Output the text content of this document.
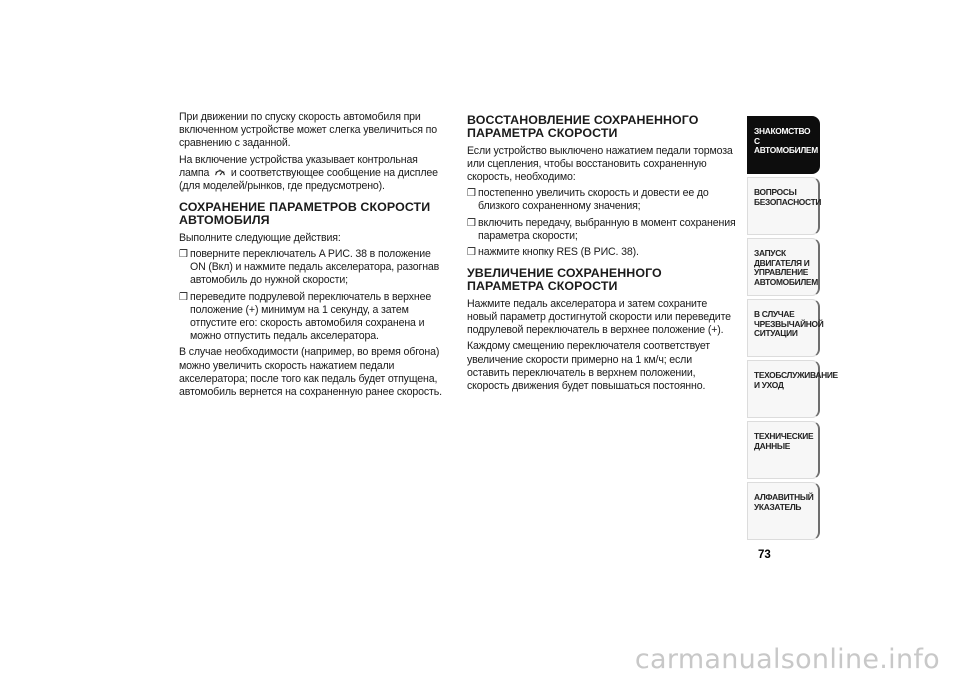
При движении по спуску скорость автомобиля при включенном устройстве может слегка увеличиться по сравнению с заданной.

На включение устройства указывает контрольная лампа и соответствующее сообщение на дисплее (для моделей/рынков, где предусмотрено).

СОХРАНЕНИЕ ПАРАМЕТРОВ СКОРОСТИ АВТОМОБИЛЯ

Выполните следующие действия:

❒ поверните переключатель A РИС. 38 в положение ON (Вкл) и нажмите педаль акселератора, разогнав автомобиль до нужной скорости;
❒ переведите подрулевой переключатель в верхнее положение (+) минимум на 1 секунду, а затем отпустите его: скорость автомобиля сохранена и можно отпустить педаль акселератора.

В случае необходимости (например, во время обгона) можно увеличить скорость нажатием педали акселератора; после того как педаль будет отпущена, автомобиль вернется на сохраненную ранее скорость.

ВОССТАНОВЛЕНИЕ СОХРАНЕННОГО ПАРАМЕТРА СКОРОСТИ

Если устройство выключено нажатием педали тормоза или сцепления, чтобы восстановить сохраненную скорость, необходимо:

❒ постепенно увеличить скорость и довести ее до близкого сохраненному значения;
❒ включить передачу, выбранную в момент сохранения параметра скорости;
❒ нажмите кнопку RES (В РИС. 38).
УВЕЛИЧЕНИЕ СОХРАНЕННОГО ПАРАМЕТРА СКОРОСТИ

Нажмите педаль акселератора и затем сохраните новый параметр достигнутой скорости или переведите подрулевой переключатель в верхнее положение (+).

Каждому смещению переключателя соответствует увеличение скорости примерно на 1 км/ч; если оставить переключатель в верхнем положении, скорость движения будет повышаться постоянно.

ЗНАКОМСТВО С
АВТОМОБИЛЕМ
ВОПРОСЫ
БЕЗОПАСНОСТИ
ЗАПУСК ДВИГАТЕЛЯ И
УПРАВЛЕНИЕ
АВТОМОБИЛЕМ
В СЛУЧАЕ
ЧРЕЗВЫЧАЙНОЙ
СИТУАЦИИ
ТЕХОБСЛУЖИВАНИЕ
И УХОД
ТЕХНИЧЕСКИЕ
ДАННЫЕ
АЛФАВИТНЫЙ
УКАЗАТЕЛЬ
73
carmanualsonline.info
